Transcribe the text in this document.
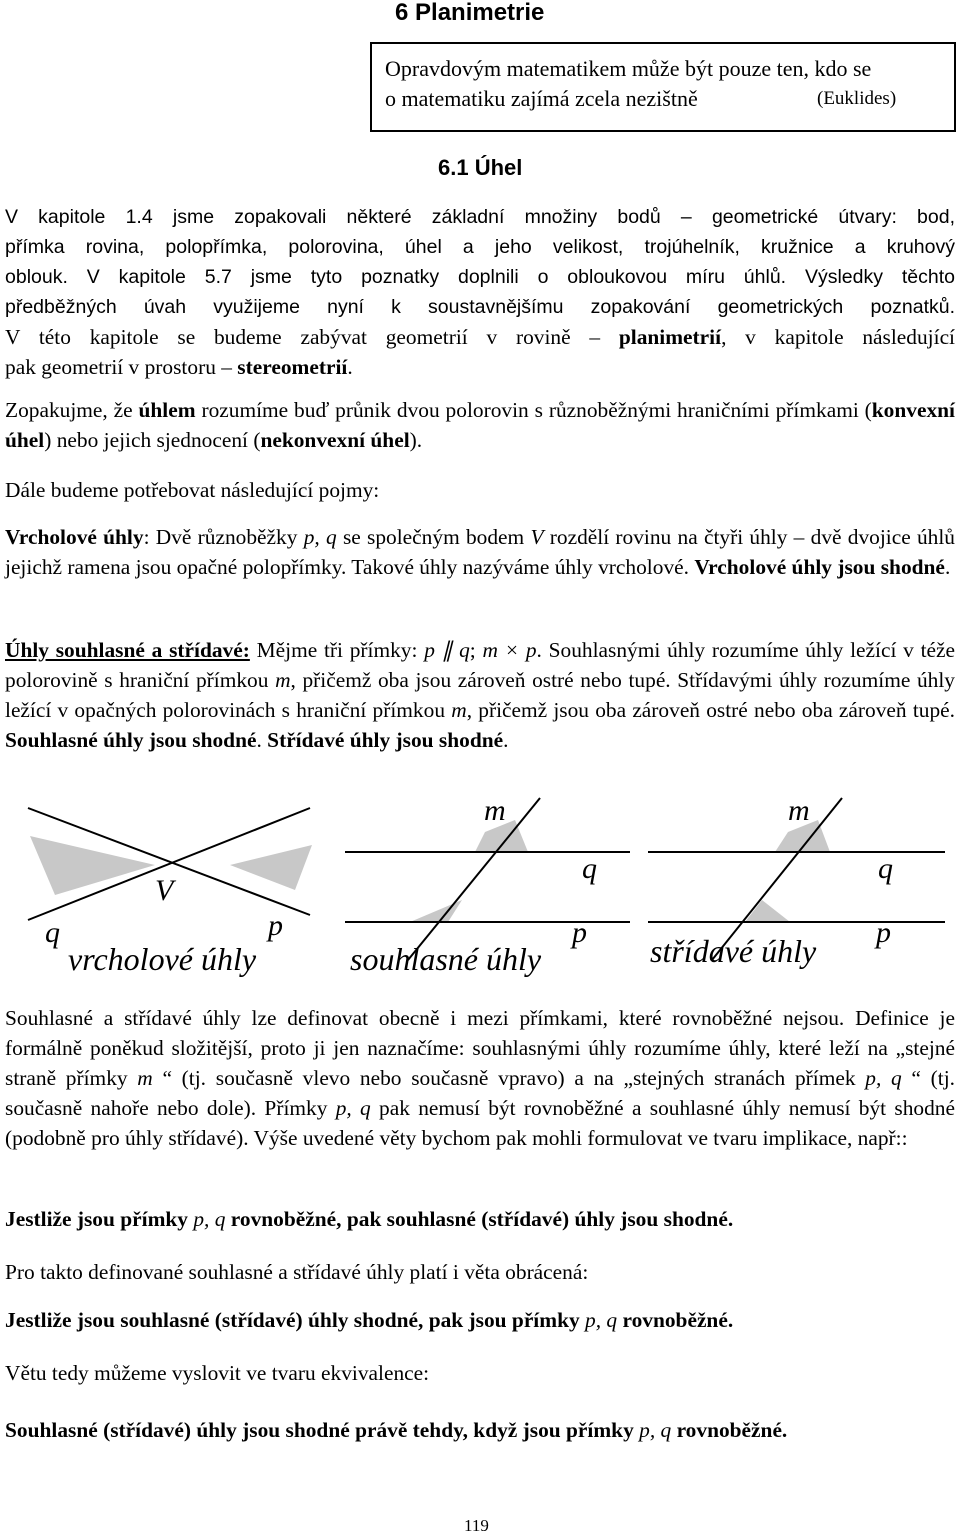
6 Planimetrie
Opravdovým matematikem může být pouze ten, kdo se
o matematiku zajímá zcela nezištně	(Euklides)
6.1 Úhel

V kapitole 1.4 jsme zopakovali některé základní množiny bodů – geometrické útvary: bod,

přímka rovina, polopřímka, polorovina, úhel a jeho velikost, trojúhelník, kružnice a kruhový

oblouk. V kapitole 5.7 jsme tyto poznatky doplnili o obloukovou míru úhlů. Výsledky těchto

předběžných úvah využijeme nyní k soustavnějšímu zopakování geometrických poznatků.

V této kapitole se budeme zabývat geometrií v rovině – planimetrií, v kapitole následující

pak geometrií v prostoru – stereometrií.

Zopakujme, že úhlem rozumíme buď průnik dvou polorovin s různoběžnými hraničními přímkami (konvexní úhel) nebo jejich sjednocení (nekonvexní úhel).
Dále budeme potřebovat následující pojmy:
Vrcholové úhly: Dvě různoběžky p, q se společným bodem V rozdělí rovinu na čtyři úhly – dvě dvojice úhlů jejichž ramena jsou opačné polopřímky. Takové úhly nazýváme úhly vrcholové. Vrcholové úhly jsou shodné.
Úhly souhlasné a střídavé: Mějme tři přímky: p ∥ q; m × p. Souhlasnými úhly rozumíme úhly ležící v téže polorovině s hraniční přímkou m, přičemž oba jsou zároveň ostré nebo tupé. Střídavými úhly rozumíme úhly ležící v opačných polorovinách s hraniční přímkou m, přičemž jsou oba zároveň ostré nebo oba zároveň tupé. Souhlasné úhly jsou shodné. Střídavé úhly jsou shodné.
V
q	p
vrcholové úhly
m
q
p
souhlasné úhly
m
q
p
střídavé úhly
Souhlasné a střídavé úhly lze definovat obecně i mezi přímkami, které rovnoběžné nejsou. Definice je formálně poněkud složitější, proto ji jen naznačíme: souhlasnými úhly rozumíme úhly, které leží na „stejné straně přímky m “ (tj. současně vlevo nebo současně vpravo) a na „stejných stranách přímek p, q “ (tj. současně nahoře nebo dole). Přímky p, q pak nemusí být rovnoběžné a souhlasné úhly nemusí být shodné (podobně pro úhly střídavé). Výše uvedené věty bychom pak mohli formulovat ve tvaru implikace, např::
Jestliže jsou přímky p, q rovnoběžné, pak souhlasné (střídavé) úhly jsou shodné.
Pro takto definované souhlasné a střídavé úhly platí i věta obrácená:
Jestliže jsou souhlasné (střídavé) úhly shodné, pak jsou přímky p, q rovnoběžné.
Větu tedy můžeme vyslovit ve tvaru ekvivalence:
Souhlasné (střídavé) úhly jsou shodné právě tehdy, když jsou přímky p, q rovnoběžné.
119
